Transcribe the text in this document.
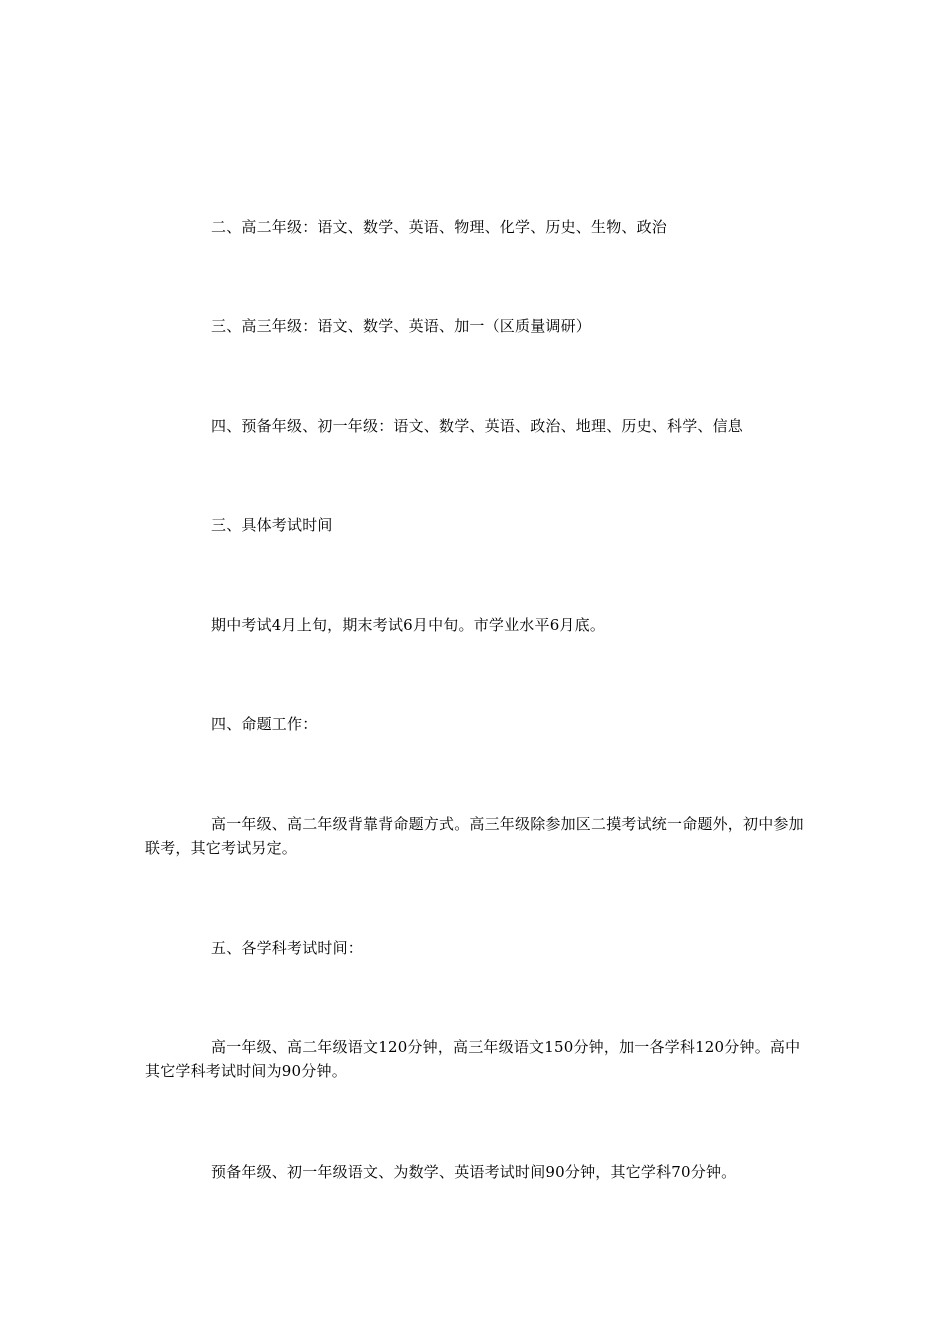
二、高二年级：语文、数学、英语、物理、化学、历史、生物、政治

三、高三年级：语文、数学、英语、加一（区质量调研）

四、预备年级、初一年级：语文、数学、英语、政治、地理、历史、科学、信息

三、具体考试时间

期中考试4月上旬，期末考试6月中旬。市学业水平6月底。

四、命题工作：

高一年级、高二年级背靠背命题方式。高三年级除参加区二摸考试统一命题外，初中参加联考，其它考试另定。

五、各学科考试时间：

高一年级、高二年级语文120分钟，高三年级语文150分钟，加一各学科120分钟。高中其它学科考试时间为90分钟。

预备年级、初一年级语文、为数学、英语考试时间90分钟，其它学科70分钟。
